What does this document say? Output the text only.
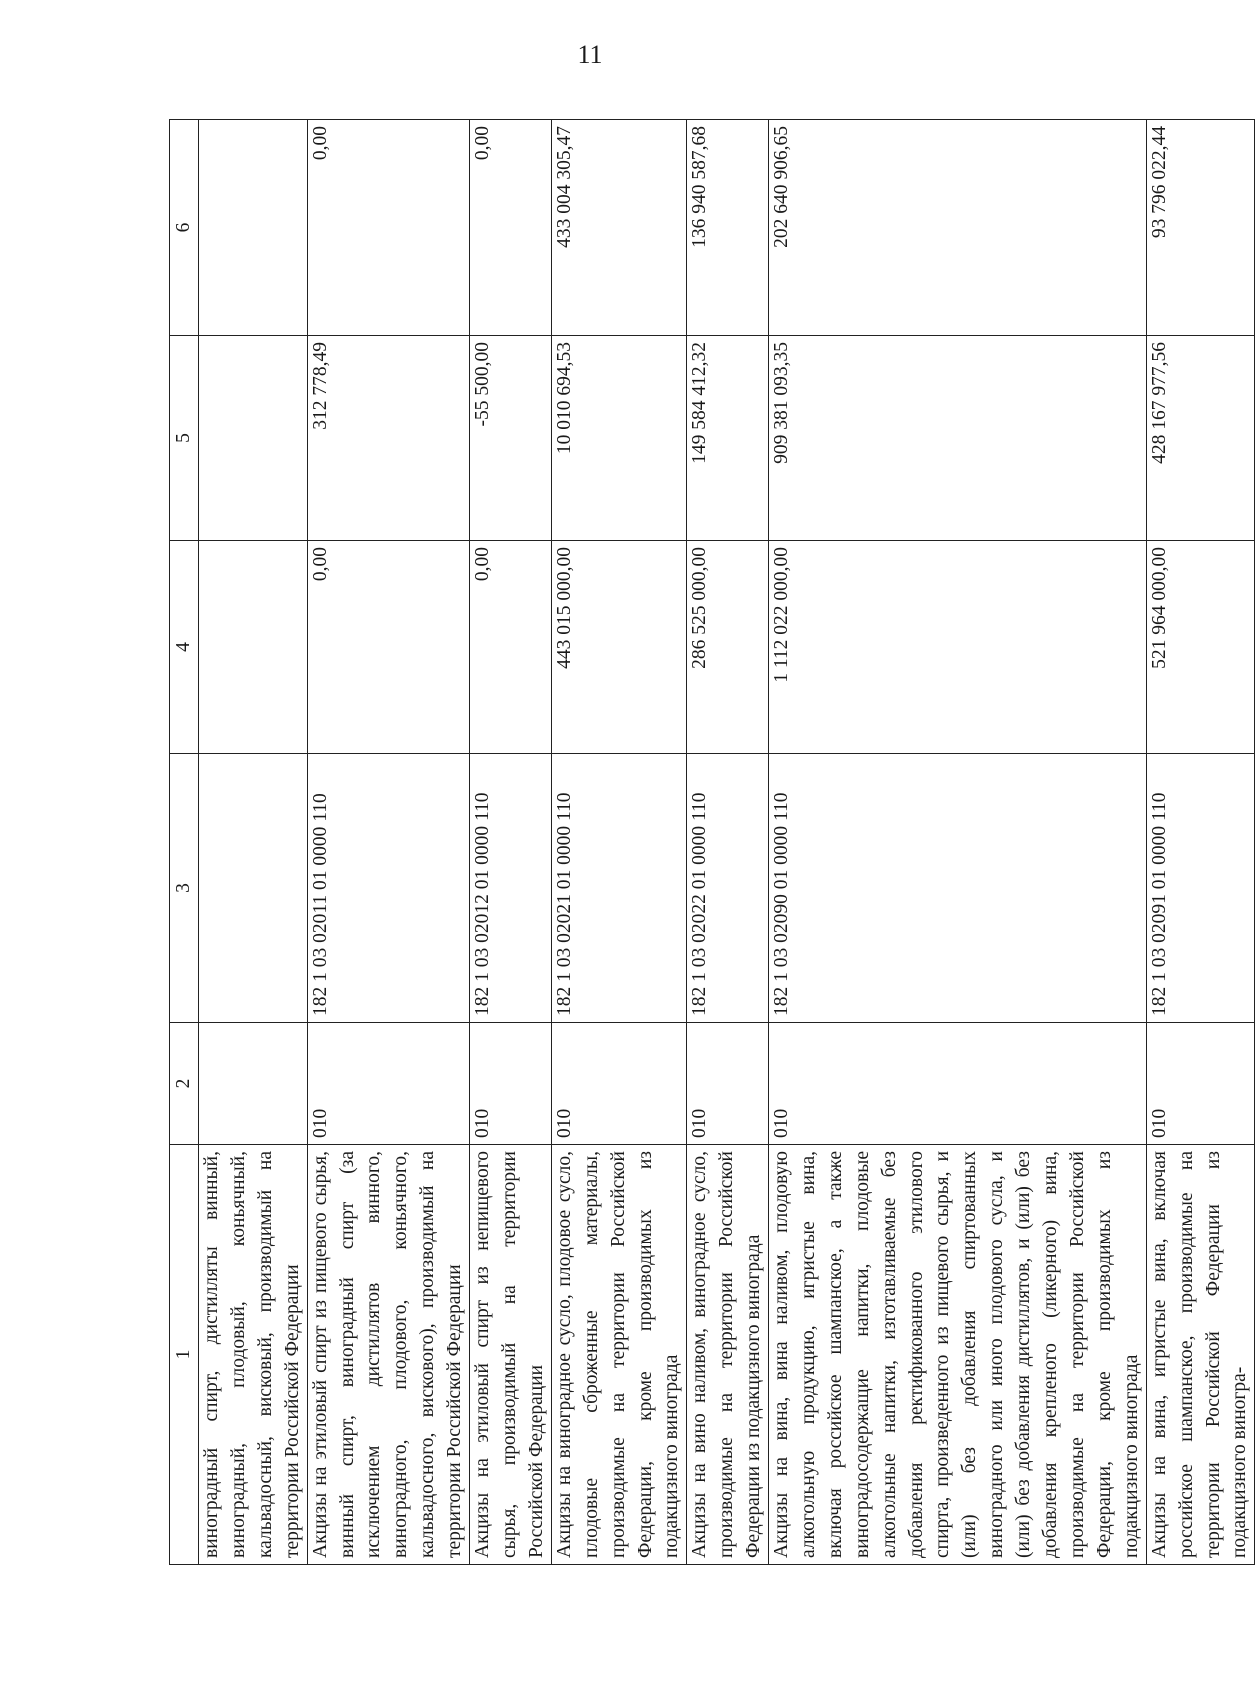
11
1	2	3	4	5	6
виноградный спирт, дистилляты винный, виноградный, плодовый, коньячный, кальвадосный, висковый, производимый на территории Российской Федерации					
Акцизы на этиловый спирт из пищевого сырья, винный спирт, виноградный спирт (за исключением дистиллятов винного, виноградного, плодового, коньячного, кальвадосного, вискового), производимый на территории Российской Федерации	010	182 1 03 02011 01 0000 110	0,00	312 778,49	0,00
Акцизы на этиловый спирт из непищевого сырья, производимый на территории Российской Федерации	010	182 1 03 02012 01 0000 110	0,00	-55 500,00	0,00
Акцизы на виноградное сусло, плодовое сусло, плодовые сброженные материалы, производимые на территории Российской Федерации, кроме производимых из подакцизного винограда	010	182 1 03 02021 01 0000 110	443 015 000,00	10 010 694,53	433 004 305,47
Акцизы на вино наливом, виноградное сусло, производимые на территории Российской Федерации из подакцизного винограда	010	182 1 03 02022 01 0000 110	286 525 000,00	149 584 412,32	136 940 587,68
Акцизы на вина, вина наливом, плодовую алкогольную продукцию, игристые вина, включая российское шампанское, а также виноградосодержащие напитки, плодовые алкогольные напитки, изготавливаемые без добавления ректификованного этилового спирта, произведенного из пищевого сырья, и (или) без добавления спиртованных виноградного или иного плодового сусла, и (или) без добавления дистиллятов, и (или) без добавления крепленого (ликерного) вина, производимые на территории Российской Федерации, кроме производимых из подакцизного винограда	010	182 1 03 02090 01 0000 110	1 112 022 000,00	909 381 093,35	202 640 906,65
Акцизы на вина, игристые вина, включая российское шампанское, производимые на территории Российской Федерации из подакцизного виногра-	010	182 1 03 02091 01 0000 110	521 964 000,00	428 167 977,56	93 796 022,44
